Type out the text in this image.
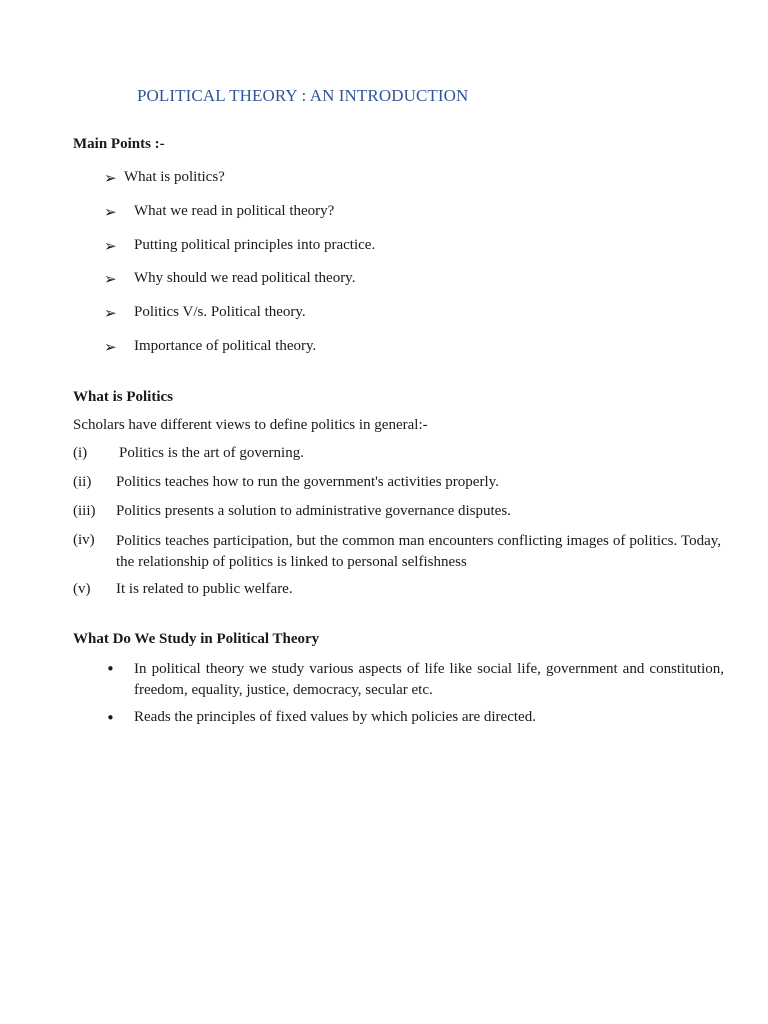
POLITICAL THEORY : AN INTRODUCTION
Main Points :-
➢ What is politics?
➢ What we read in political theory?
➢ Putting political principles into practice.
➢ Why should we read political theory.
➢ Politics V/s. Political theory.
➢ Importance of political theory.
What is Politics
Scholars have different views to define politics in general:-
(i) Politics is the art of governing.
(ii) Politics teaches how to run the government's activities properly.
(iii) Politics presents a solution to administrative governance disputes.
(iv) Politics teaches participation, but the common man encounters conflicting images of politics. Today, the relationship of politics is linked to personal selfishness
(v) It is related to public welfare.
What Do We Study in Political Theory
• In political theory we study various aspects of life like social life, government and constitution, freedom, equality, justice, democracy, secular etc.
• Reads the principles of fixed values by which policies are directed.
